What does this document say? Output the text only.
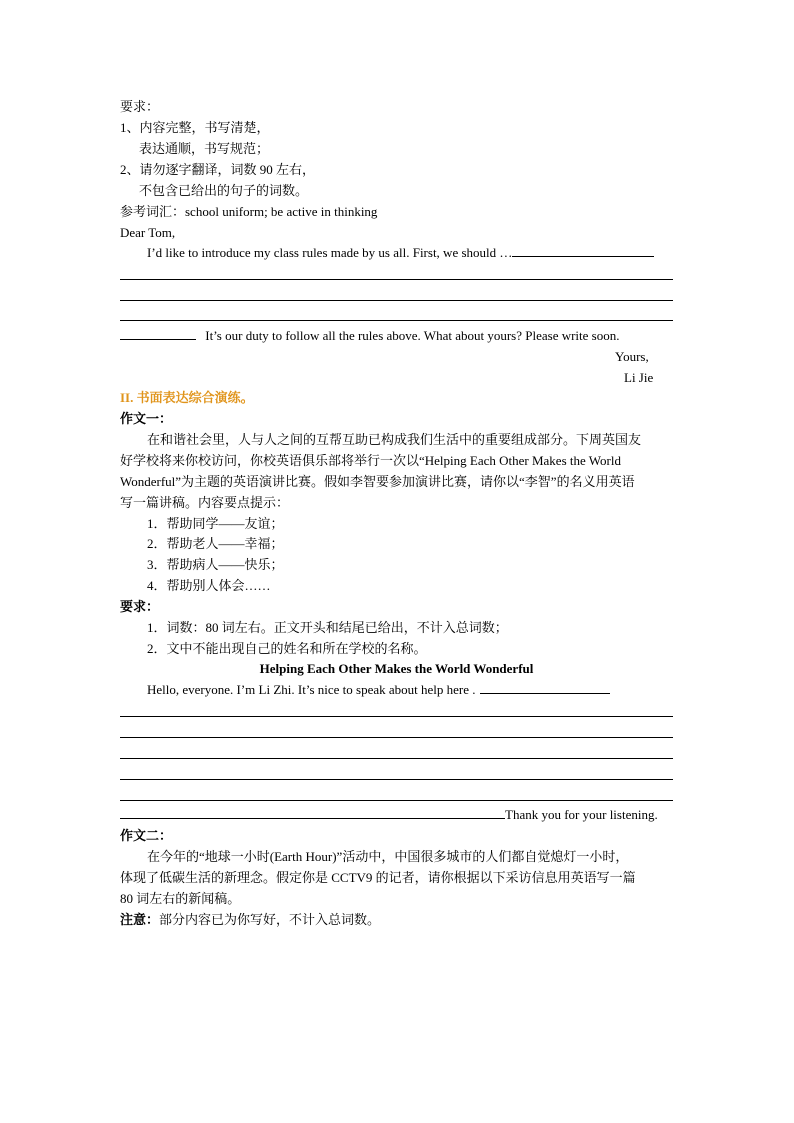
要求：
1、内容完整，书写清楚，
表达通顺，书写规范；
2、请勿逐字翻译，词数 90 左右，
不包含已给出的句子的词数。
参考词汇：school uniform; be active in thinking
Dear Tom,
I’d like to introduce my class rules made by us all. First, we should …
It’s our duty to follow all the rules above. What about yours? Please write soon.
Yours,
Li Jie
II. 书面表达综合演练。
作文一：
在和谐社会里，人与人之间的互帮互助已构成我们生活中的重要组成部分。下周英国友
好学校将来你校访问，你校英语俱乐部将举行一次以“Helping Each Other Makes the World
Wonderful”为主题的英语演讲比赛。假如李智要参加演讲比赛，请你以“李智”的名义用英语
写一篇讲稿。内容要点提示：
1．帮助同学——友谊；
2．帮助老人——幸福；
3．帮助病人——快乐；
4．帮助别人体会……
要求：
1．词数：80 词左右。正文开头和结尾已给出，不计入总词数；
2．文中不能出现自己的姓名和所在学校的名称。
Helping Each Other Makes the World Wonderful
Hello, everyone. I’m Li Zhi. It’s nice to speak about help here .
Thank you for your listening.
作文二：
在今年的“地球一小时(Earth Hour)”活动中，中国很多城市的人们都自觉熄灯一小时，
体现了低碳生活的新理念。假定你是 CCTV9 的记者，请你根据以下采访信息用英语写一篇
80 词左右的新闻稿。
注意：部分内容已为你写好，不计入总词数。
